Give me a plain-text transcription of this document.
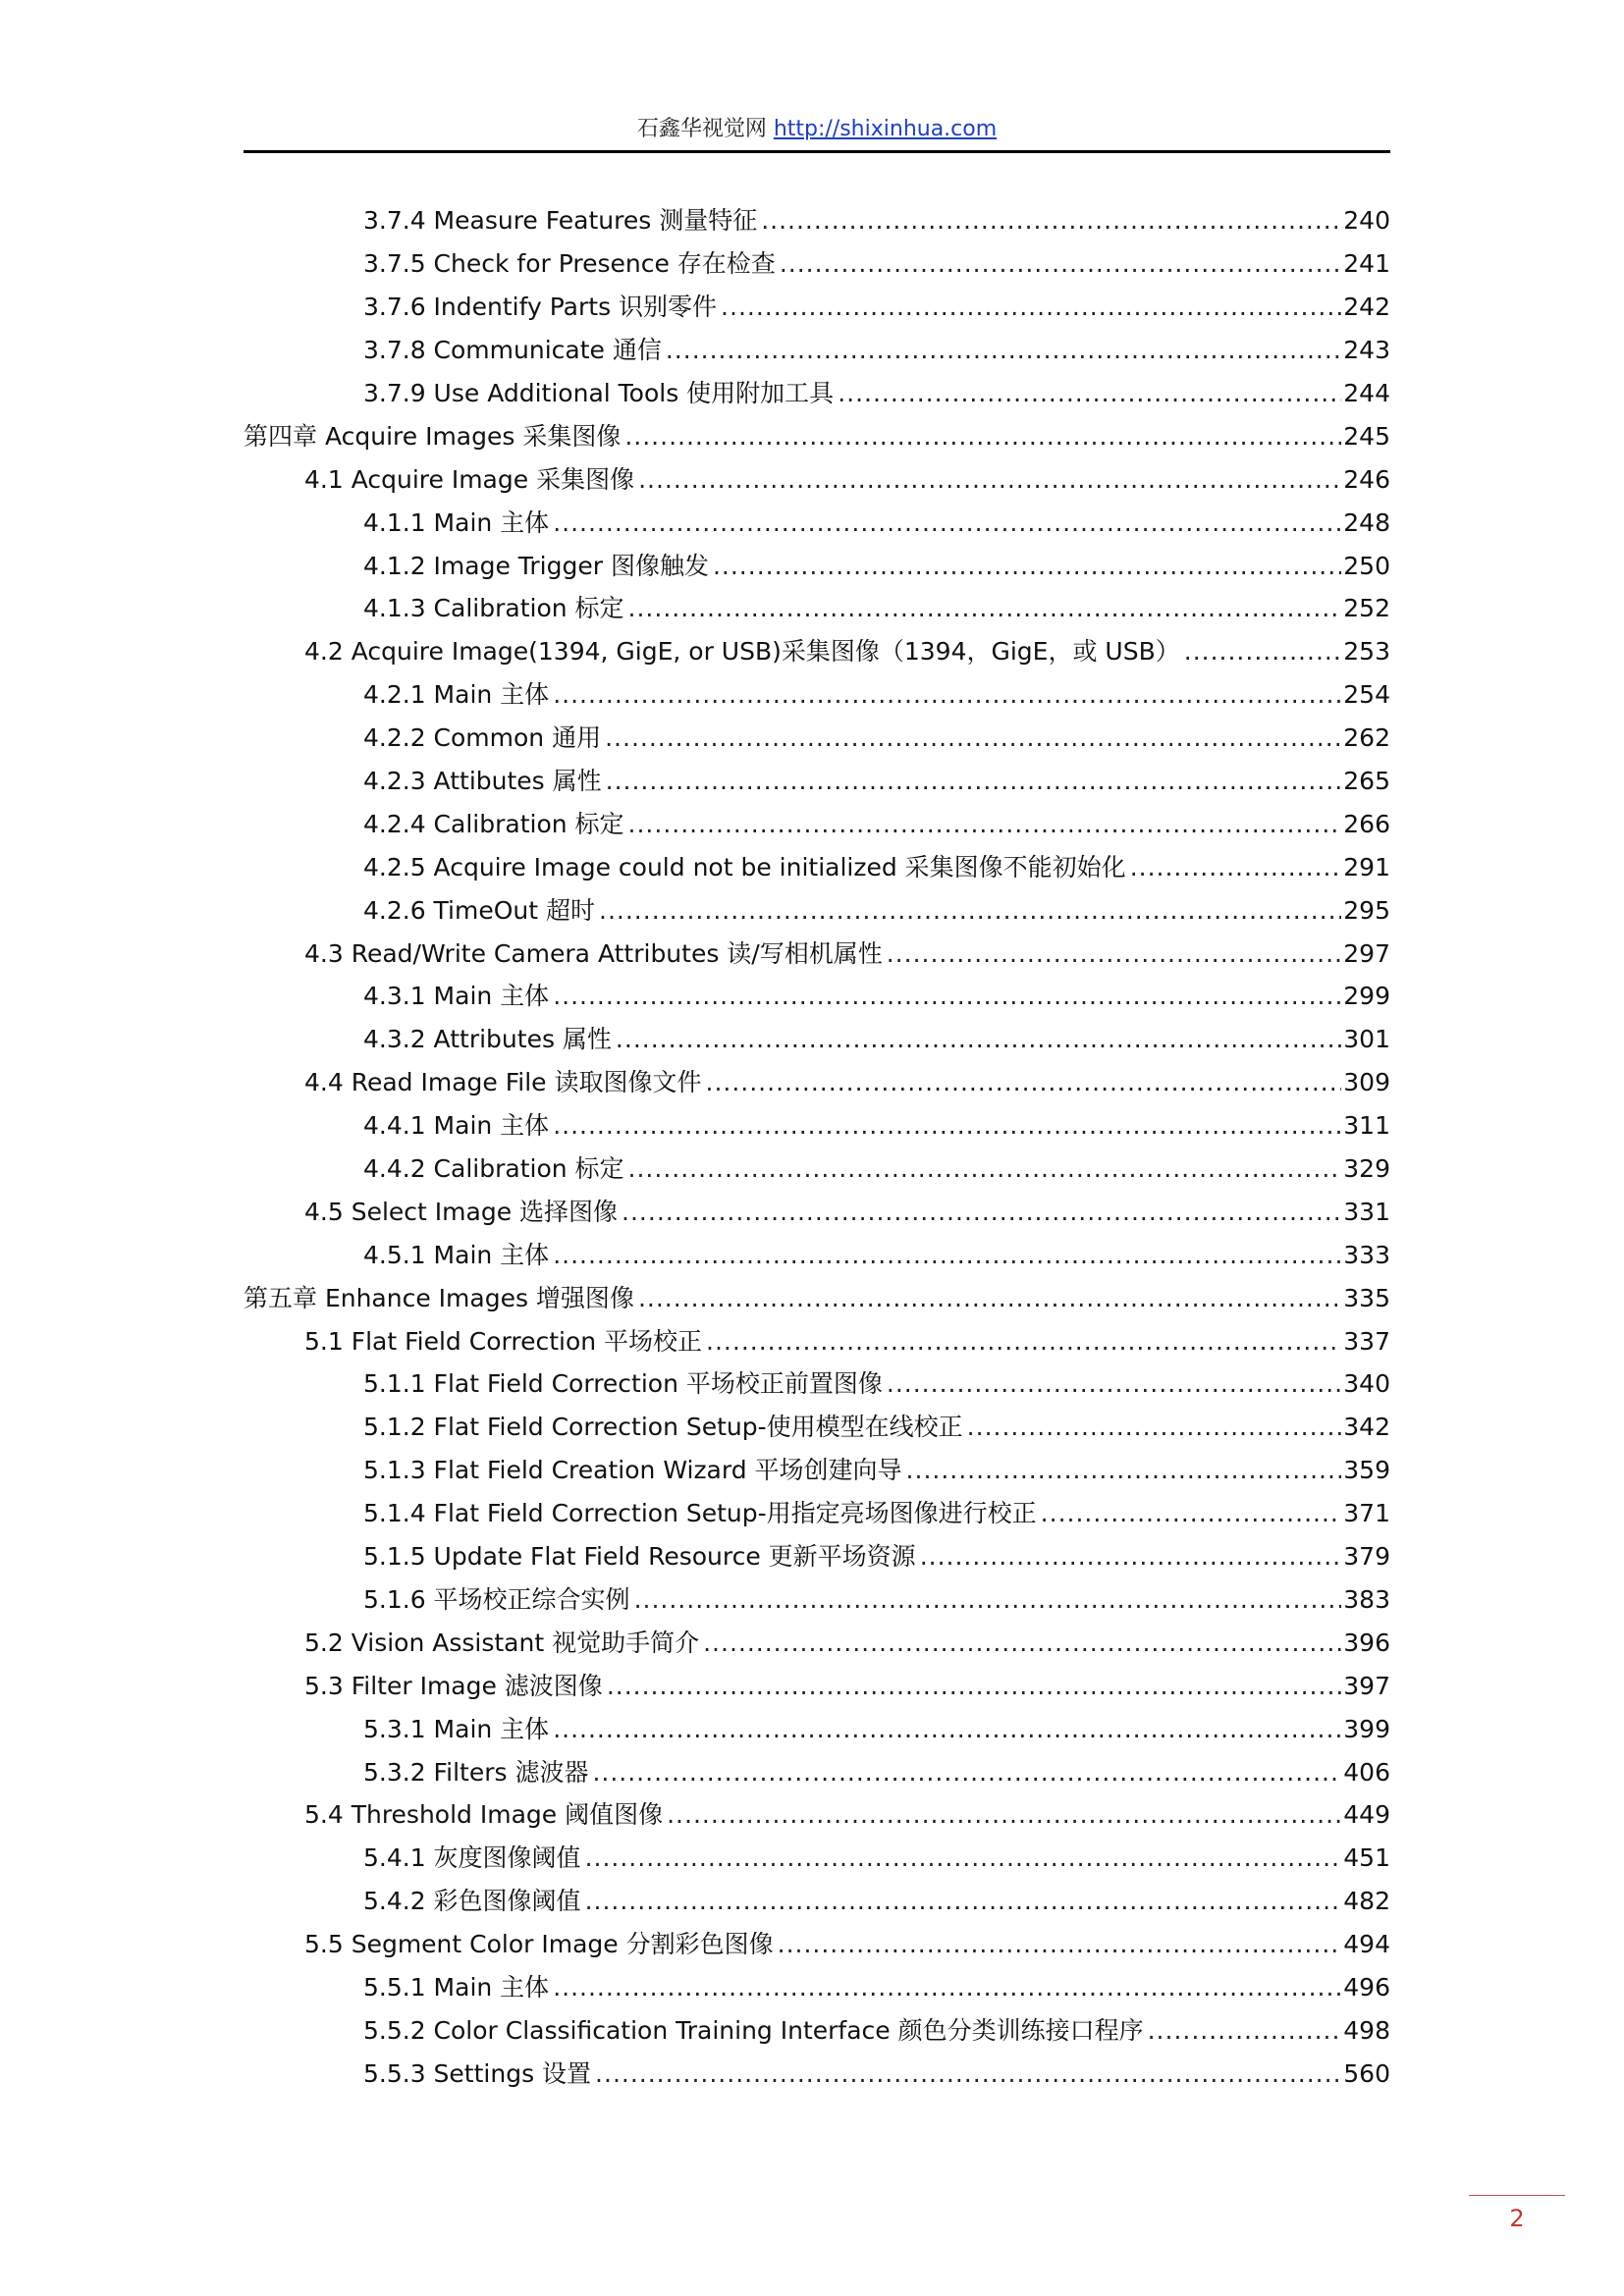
石鑫华视觉网 http://shixinhua.com
3.7.4 Measure Features 测量特征 .....	240
3.7.5 Check for Presence 存在检查 .....	241
3.7.6 Indentify Parts 识别零件 .....	242
3.7.8 Communicate 通信 .....	243
3.7.9 Use Additional Tools 使用附加工具 .....	244
第四章 Acquire Images 采集图像 .....	245
4.1 Acquire Image 采集图像 .....	246
4.1.1 Main 主体 .....	248
4.1.2 Image Trigger 图像触发 .....	250
4.1.3 Calibration 标定 .....	252
4.2 Acquire Image(1394, GigE, or USB)采集图像（1394，GigE，或 USB） .....	253
4.2.1 Main 主体 .....	254
4.2.2 Common 通用 .....	262
4.2.3 Attibutes 属性 .....	265
4.2.4 Calibration 标定 .....	266
4.2.5 Acquire Image could not be initialized 采集图像不能初始化 .....	291
4.2.6 TimeOut 超时 .....	295
4.3 Read/Write Camera Attributes 读/写相机属性 .....	297
4.3.1 Main 主体 .....	299
4.3.2 Attributes 属性 .....	301
4.4 Read Image File 读取图像文件 .....	309
4.4.1 Main 主体 .....	311
4.4.2 Calibration 标定 .....	329
4.5 Select Image 选择图像 .....	331
4.5.1 Main 主体 .....	333
第五章 Enhance Images 增强图像 .....	335
5.1 Flat Field Correction 平场校正 .....	337
5.1.1 Flat Field Correction 平场校正前置图像 .....	340
5.1.2 Flat Field Correction Setup-使用模型在线校正 .....	342
5.1.3 Flat Field Creation Wizard 平场创建向导 .....	359
5.1.4 Flat Field Correction Setup-用指定亮场图像进行校正 .....	371
5.1.5 Update Flat Field Resource 更新平场资源 .....	379
5.1.6 平场校正综合实例 .....	383
5.2 Vision Assistant 视觉助手简介 .....	396
5.3 Filter Image 滤波图像 .....	397
5.3.1 Main 主体 .....	399
5.3.2 Filters 滤波器 .....	406
5.4 Threshold Image 阈值图像 .....	449
5.4.1 灰度图像阈值 .....	451
5.4.2 彩色图像阈值 .....	482
5.5 Segment Color Image 分割彩色图像 .....	494
5.5.1 Main 主体 .....	496
5.5.2 Color Classification Training Interface 颜色分类训练接口程序 .....	498
5.5.3 Settings 设置 .....	560
2
